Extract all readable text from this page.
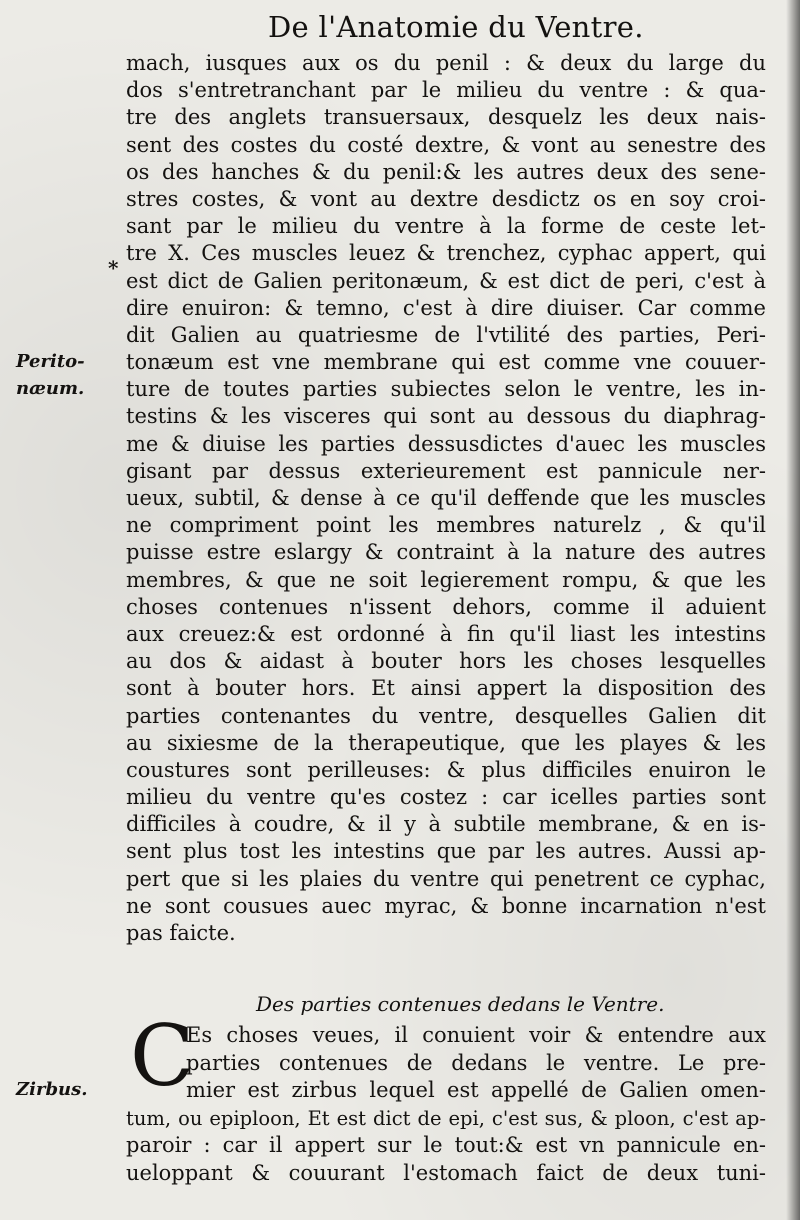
De l'Anatomie du Ventre.
*
Perito-
næum.
Zirbus.
mach, iusques aux os du penil : & deux du large du
dos s'entretranchant par le milieu du ventre : & qua-
tre des anglets transuersaux, desquelz les deux nais-
sent des costes du costé dextre, & vont au senestre des
os des hanches & du penil:& les autres deux des sene-
stres costes, & vont au dextre desdictz os en soy croi-
sant par le milieu du ventre à la forme de ceste let-
tre X. Ces muscles leuez & trenchez, cyphac appert, qui
est dict de Galien peritonæum, & est dict de peri, c'est à
dire enuiron: & temno, c'est à dire diuiser. Car comme
dit Galien au quatriesme de l'vtilité des parties, Peri-
tonæum est vne membrane qui est comme vne couuer-
ture de toutes parties subiectes selon le ventre, les in-
testins & les visceres qui sont au dessous du diaphrag-
me & diuise les parties dessusdictes d'auec les muscles
gisant par dessus exterieurement est pannicule ner-
ueux, subtil, & dense à ce qu'il deffende que les muscles
ne compriment point les membres naturelz , & qu'il
puisse estre eslargy & contraint à la nature des autres
membres, & que ne soit legierement rompu, & que les
choses contenues n'issent dehors, comme il aduient
aux creuez:& est ordonné à fin qu'il liast les intestins
au dos & aidast à bouter hors les choses lesquelles
sont à bouter hors. Et ainsi appert la disposition des
parties contenantes du ventre, desquelles Galien dit
au sixiesme de la therapeutique, que les playes & les
coustures sont perilleuses: & plus difficiles enuiron le
milieu du ventre qu'es costez : car icelles parties sont
difficiles à coudre, & il y à subtile membrane, & en is-
sent plus tost les intestins que par les autres. Aussi ap-
pert que si les plaies du ventre qui penetrent ce cyphac,
ne sont cousues auec myrac, & bonne incarnation n'est
pas faicte.
Des parties contenues dedans le Ventre.
C
Es choses veues, il conuient voir & entendre aux
parties contenues de dedans le ventre. Le pre-
mier est zirbus lequel est appellé de Galien omen-
tum, ou epiploon, Et est dict de epi, c'est sus, & ploon, c'est ap-
paroir : car il appert sur le tout:& est vn pannicule en-
ueloppant & couurant l'estomach faict de deux tuni-
